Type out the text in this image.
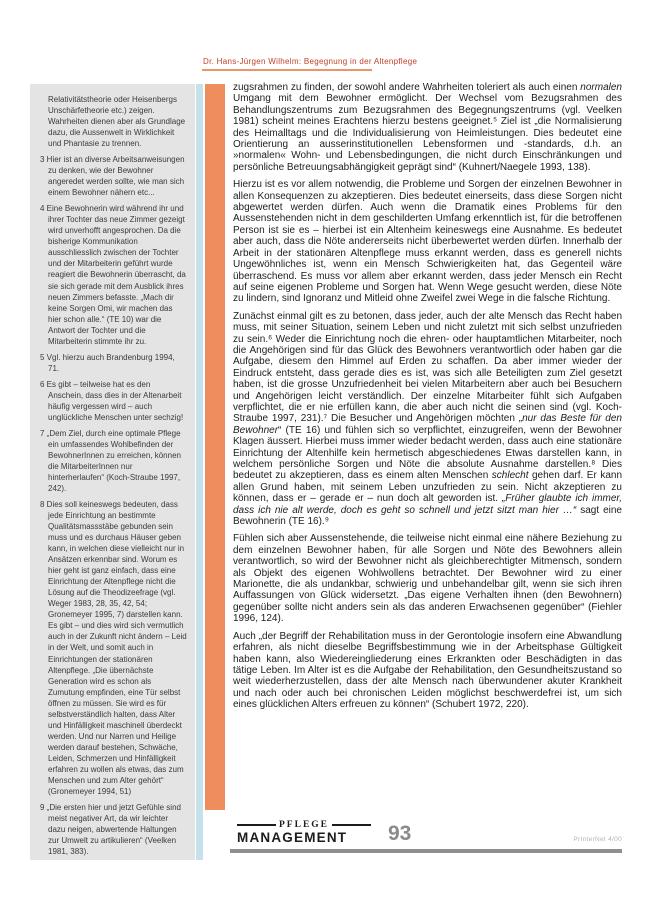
Dr. Hans-Jürgen Wilhelm: Begegnung in der Altenpflege
Relativitätstheorie oder Heisenbergs Unschärfetheorie etc.) zeigen. Wahrheiten dienen aber als Grundlage dazu, die Aussenwelt in Wirklichkeit und Phantasie zu trennen.
3 Hier ist an diverse Arbeitsanweisungen zu denken, wie der Bewohner angeredet werden sollte, wie man sich einem Bewohner nähern etc...
4 Eine Bewohnerin wird während ihr und ihrer Tochter das neue Zimmer gezeigt wird unverhofft angesprochen. Da die bisherige Kommunikation ausschliesslich zwischen der Tochter und der Mitarbeiterin geführt wurde reagiert die Bewohnerin überrascht, da sie sich gerade mit dem Ausblick ihres neuen Zimmers befasste. „Mach dir keine Sorgen Omi, wir machen das hier schon alle.“ (TE 10) war die Antwort der Tochter und die Mitarbeiterin stimmte ihr zu.
5 Vgl. hierzu auch Brandenburg 1994, 71.
6 Es gibt – teilweise hat es den Anschein, dass dies in der Altenarbeit häufig vergessen wird – auch unglückliche Menschen unter sechzig!
7 „Dem Ziel, durch eine optimale Pflege ein umfassendes Wohlbefinden der BewohnerInnen zu erreichen, können die MitarbeiterInnen nur hinterherlaufen“ (Koch-Straube 1997, 242).
8 Dies soll keineswegs bedeuten, dass jede Einrichtung an bestimmte Qualitätsmassstäbe gebunden sein muss und es durchaus Häuser geben kann, in welchen diese vielleicht nur in Ansätzen erkennbar sind. Worum es hier geht ist ganz einfach, dass eine Einrichtung der Altenpflege nicht die Lösung auf die Theodizeefrage (vgl. Weger 1983, 28, 35, 42, 54; Gronemeyer 1995, 7) darstellen kann. Es gibt – und dies wird sich vermutlich auch in der Zukunft nicht ändern – Leid in der Welt, und somit auch in Einrichtungen der stationären Altenpflege. „Die übernächste Generation wird es schon als Zumutung empfinden, eine Tür selbst öffnen zu müssen. Sie wird es für selbstverständlich halten, dass Alter und Hinfälligkeit maschinell überdeckt werden. Und nur Narren und Heilige werden darauf bestehen, Schwäche, Leiden, Schmerzen und Hinfälligkeit erfahren zu wollen als etwas, das zum Menschen und zum Alter gehört“ (Gronemeyer 1994, 51)
9 „Die ersten hier und jetzt Gefühle sind meist negativer Art, da wir leichter dazu neigen, abwertende Haltungen zur Umwelt zu artikulieren“ (Veelken 1981, 383).

zugsrahmen zu finden, der sowohl andere Wahrheiten toleriert als auch einen normalen Umgang mit dem Bewohner ermöglicht. Der Wechsel vom Bezugsrahmen des Behandlungszentrums zum Bezugsrahmen des Begegnungszentrums (vgl. Veelken 1981) scheint meines Erachtens hierzu bestens geeignet.⁵ Ziel ist „die Normalisierung des Heimalltags und die Individualisierung von Heimleistungen. Dies bedeutet eine Orientierung an ausserinstitutionellen Lebensformen und -standards, d.h. an »normalen« Wohn- und Lebensbedingungen, die nicht durch Einschränkungen und persönliche Betreuungsabhängigkeit geprägt sind“ (Kuhnert/Naegele 1993, 138).

Hierzu ist es vor allem notwendig, die Probleme und Sorgen der einzelnen Bewohner in allen Konsequenzen zu akzeptieren. Dies bedeutet einerseits, dass diese Sorgen nicht abgewertet werden dürfen. Auch wenn die Dramatik eines Problems für den Aussenstehenden nicht in dem geschilderten Umfang erkenntlich ist, für die betroffenen Person ist sie es – hierbei ist ein Altenheim keineswegs eine Ausnahme. Es bedeutet aber auch, dass die Nöte andererseits nicht überbewertet werden dürfen. Innerhalb der Arbeit in der stationären Altenpflege muss erkannt werden, dass es generell nichts Ungewöhnliches ist, wenn ein Mensch Schwierigkeiten hat, das Gegenteil wäre überraschend. Es muss vor allem aber erkannt werden, dass jeder Mensch ein Recht auf seine eigenen Probleme und Sorgen hat. Wenn Wege gesucht werden, diese Nöte zu lindern, sind Ignoranz und Mitleid ohne Zweifel zwei Wege in die falsche Richtung.

Zunächst einmal gilt es zu betonen, dass jeder, auch der alte Mensch das Recht haben muss, mit seiner Situation, seinem Leben und nicht zuletzt mit sich selbst unzufrieden zu sein.⁶ Weder die Einrichtung noch die ehren- oder hauptamtlichen Mitarbeiter, noch die Angehörigen sind für das Glück des Bewohners verantwortlich oder haben gar die Aufgabe, diesem den Himmel auf Erden zu schaffen. Da aber immer wieder der Eindruck entsteht, dass gerade dies es ist, was sich alle Beteiligten zum Ziel gesetzt haben, ist die grosse Unzufriedenheit bei vielen Mitarbeitern aber auch bei Besuchern und Angehörigen leicht verständlich. Der einzelne Mitarbeiter fühlt sich Aufgaben verpflichtet, die er nie erfüllen kann, die aber auch nicht die seinen sind (vgl. Koch-Straube 1997, 231).⁷ Die Besucher und Angehörigen möchten „nur das Beste für den Bewohner“ (TE 16) und fühlen sich so verpflichtet, einzugreifen, wenn der Bewohner Klagen äussert. Hierbei muss immer wieder bedacht werden, dass auch eine stationäre Einrichtung der Altenhilfe kein hermetisch abgeschiedenes Etwas darstellen kann, in welchem persönliche Sorgen und Nöte die absolute Ausnahme darstellen.⁸ Dies bedeutet zu akzeptieren, dass es einem alten Menschen schlecht gehen darf. Er kann allen Grund haben, mit seinem Leben unzufrieden zu sein. Nicht akzeptieren zu können, dass er – gerade er – nun doch alt geworden ist. „Früher glaubte ich immer, dass ich nie alt werde, doch es geht so schnell und jetzt sitzt man hier …“ sagt eine Bewohnerin (TE 16).⁹

Fühlen sich aber Aussenstehende, die teilweise nicht einmal eine nähere Beziehung zu dem einzelnen Bewohner haben, für alle Sorgen und Nöte des Bewohners allein verantwortlich, so wird der Bewohner nicht als gleichberechtigter Mitmensch, sondern als Objekt des eigenen Wohlwollens betrachtet. Der Bewohner wird zu einer Marionette, die als undankbar, schwierig und unbehandelbar gilt, wenn sie sich ihren Auffassungen von Glück widersetzt. „Das eigene Verhalten ihnen (den Bewohnern) gegenüber sollte nicht anders sein als das anderen Erwachsenen gegenüber“ (Fiehler 1996, 124).

Auch „der Begriff der Rehabilitation muss in der Gerontologie insofern eine Abwandlung erfahren, als nicht dieselbe Begriffsbestimmung wie in der Arbeitsphase Gültigkeit haben kann, also Wiedereingliederung eines Erkrankten oder Beschädigten in das tätige Leben. Im Alter ist es die Aufgabe der Rehabilitation, den Gesundheitszustand so weit wiederherzustellen, dass der alte Mensch nach überwundener akuter Krankheit und nach oder auch bei chronischen Leiden möglichst beschwerdefrei ist, um sich eines glücklichen Alters erfreuen zu können“ (Schubert 1972, 220).

PFLEGE
MANAGEMENT	93	PrInterNet 4/00
